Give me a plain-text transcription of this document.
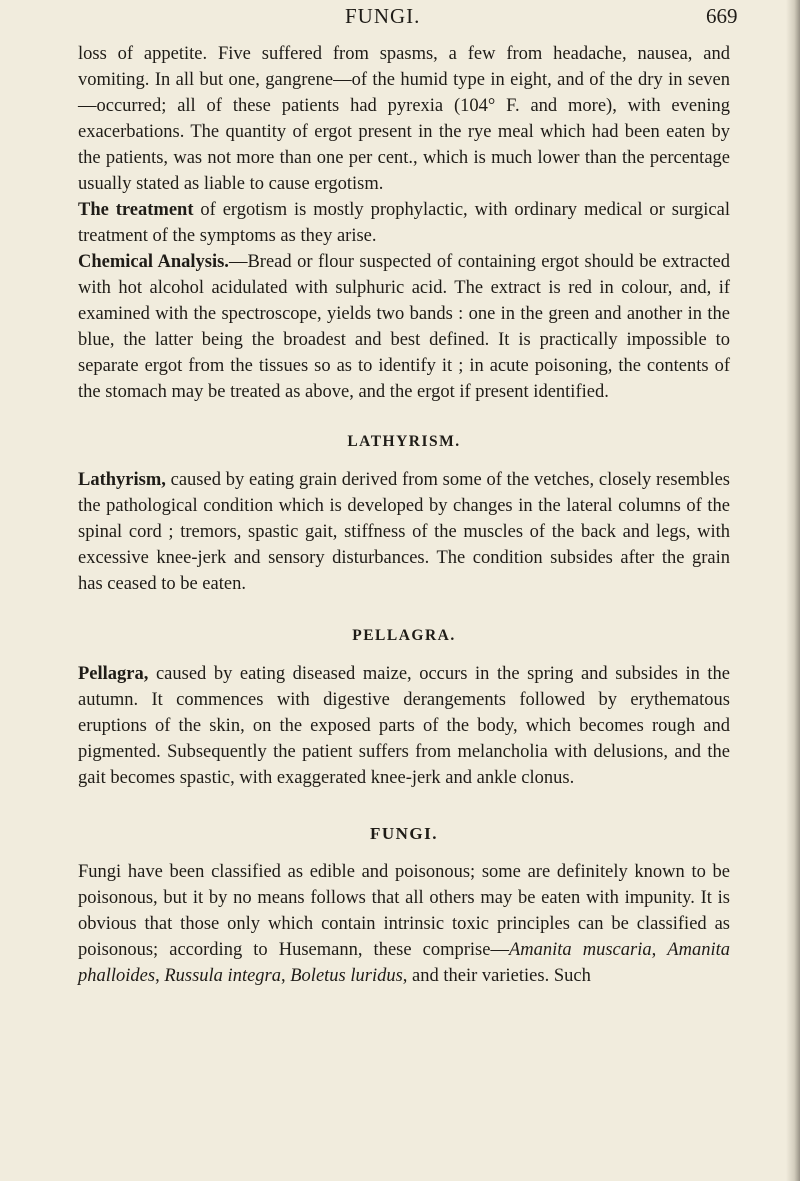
FUNGI.	669

loss of appetite. Five suffered from spasms, a few from headache, nausea, and vomiting. In all but one, gangrene—of the humid type in eight, and of the dry in seven—occurred; all of these patients had pyrexia (104° F. and more), with evening exacerbations. The quantity of ergot present in the rye meal which had been eaten by the patients, was not more than one per cent., which is much lower than the percentage usually stated as liable to cause ergotism.

The treatment of ergotism is mostly prophylactic, with ordinary medical or surgical treatment of the symptoms as they arise.

Chemical Analysis.—Bread or flour suspected of containing ergot should be extracted with hot alcohol acidulated with sulphuric acid. The extract is red in colour, and, if examined with the spectroscope, yields two bands : one in the green and another in the blue, the latter being the broadest and best defined. It is practically impossible to separate ergot from the tissues so as to identify it ; in acute poisoning, the contents of the stomach may be treated as above, and the ergot if present identified.

LATHYRISM.

Lathyrism, caused by eating grain derived from some of the vetches, closely resembles the pathological condition which is developed by changes in the lateral columns of the spinal cord ; tremors, spastic gait, stiffness of the muscles of the back and legs, with excessive knee-jerk and sensory disturbances. The condition subsides after the grain has ceased to be eaten.

PELLAGRA.

Pellagra, caused by eating diseased maize, occurs in the spring and subsides in the autumn. It commences with digestive derangements followed by erythematous eruptions of the skin, on the exposed parts of the body, which becomes rough and pigmented. Subsequently the patient suffers from melancholia with delusions, and the gait becomes spastic, with exaggerated knee-jerk and ankle clonus.

FUNGI.

Fungi have been classified as edible and poisonous; some are definitely known to be poisonous, but it by no means follows that all others may be eaten with impunity. It is obvious that those only which contain intrinsic toxic principles can be classified as poisonous; according to Husemann, these comprise—Amanita muscaria, Amanita phalloides, Russula integra, Boletus luridus, and their varieties. Such
